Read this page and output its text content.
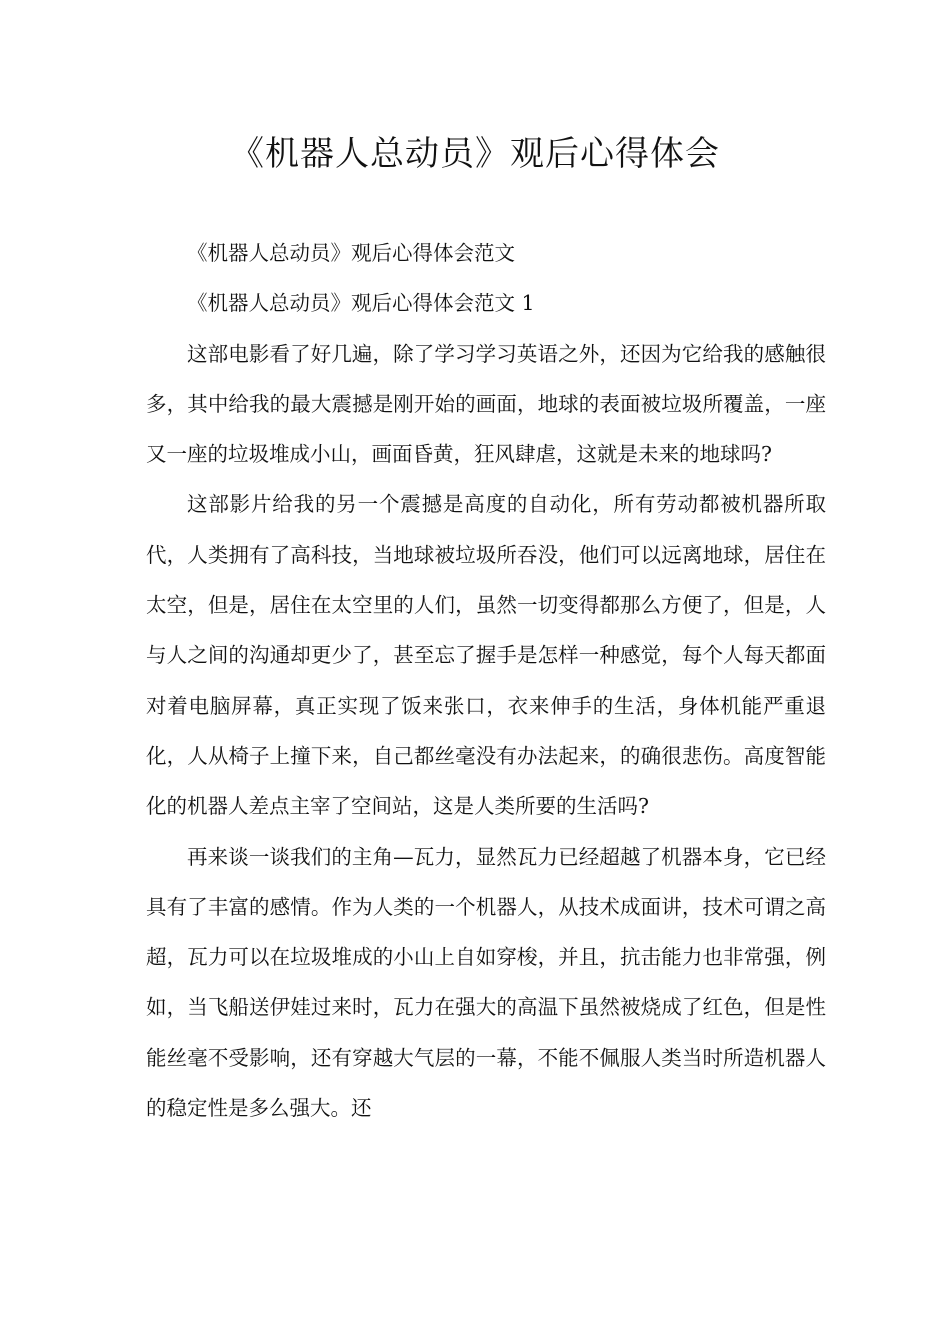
《机器人总动员》观后心得体会

《机器人总动员》观后心得体会范文

《机器人总动员》观后心得体会范文 1

这部电影看了好几遍，除了学习学习英语之外，还因为它给我的感触很多，其中给我的最大震撼是刚开始的画面，地球的表面被垃圾所覆盖，一座又一座的垃圾堆成小山，画面昏黄，狂风肆虐，这就是未来的地球吗?

这部影片给我的另一个震撼是高度的自动化，所有劳动都被机器所取代，人类拥有了高科技，当地球被垃圾所吞没，他们可以远离地球，居住在太空，但是，居住在太空里的人们，虽然一切变得都那么方便了，但是，人与人之间的沟通却更少了，甚至忘了握手是怎样一种感觉，每个人每天都面对着电脑屏幕，真正实现了饭来张口，衣来伸手的生活，身体机能严重退化，人从椅子上撞下来，自己都丝毫没有办法起来，的确很悲伤。高度智能化的机器人差点主宰了空间站，这是人类所要的生活吗?

再来谈一谈我们的主角—瓦力，显然瓦力已经超越了机器本身，它已经具有了丰富的感情。作为人类的一个机器人，从技术成面讲，技术可谓之高超，瓦力可以在垃圾堆成的小山上自如穿梭，并且，抗击能力也非常强，例如，当飞船送伊娃过来时，瓦力在强大的高温下虽然被烧成了红色，但是性能丝毫不受影响，还有穿越大气层的一幕，不能不佩服人类当时所造机器人的稳定性是多么强大。还
